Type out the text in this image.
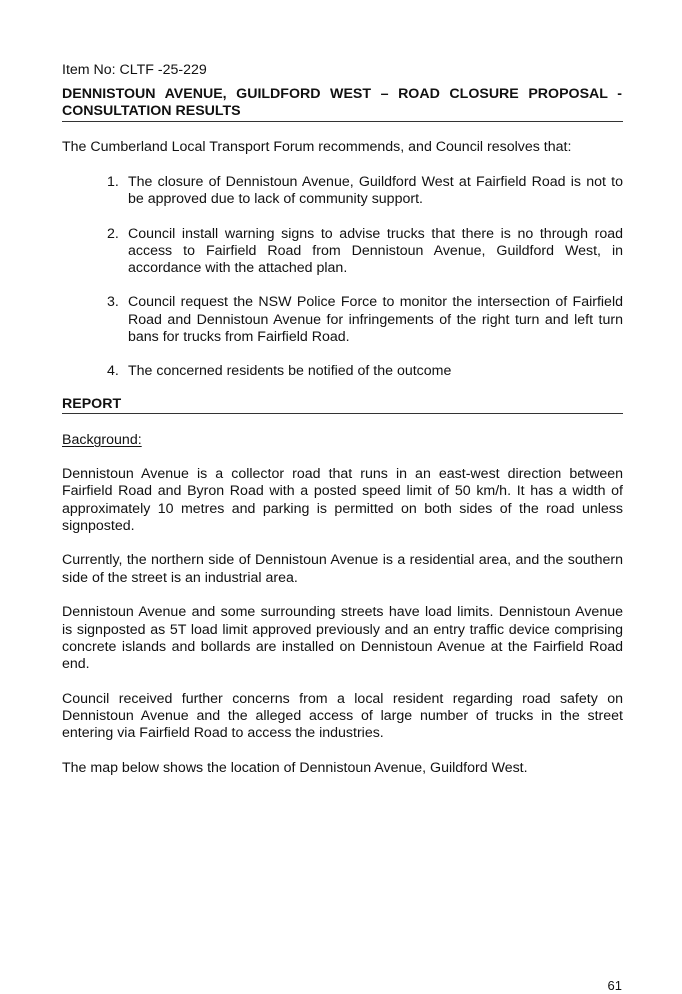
Item No: CLTF -25-229

DENNISTOUN AVENUE, GUILDFORD WEST – ROAD CLOSURE PROPOSAL - CONSULTATION RESULTS

The Cumberland Local Transport Forum recommends, and Council resolves that:

1. The closure of Dennistoun Avenue, Guildford West at Fairfield Road is not to be approved due to lack of community support.
2. Council install warning signs to advise trucks that there is no through road access to Fairfield Road from Dennistoun Avenue, Guildford West, in accordance with the attached plan.
3. Council request the NSW Police Force to monitor the intersection of Fairfield Road and Dennistoun Avenue for infringements of the right turn and left turn bans for trucks from Fairfield Road.
4. The concerned residents be notified of the outcome
REPORT
Background:

Dennistoun Avenue is a collector road that runs in an east-west direction between Fairfield Road and Byron Road with a posted speed limit of 50 km/h. It has a width of approximately 10 metres and parking is permitted on both sides of the road unless signposted.

Currently, the northern side of Dennistoun Avenue is a residential area, and the southern side of the street is an industrial area.

Dennistoun Avenue and some surrounding streets have load limits. Dennistoun Avenue is signposted as 5T load limit approved previously and an entry traffic device comprising concrete islands and bollards are installed on Dennistoun Avenue at the Fairfield Road end.

Council received further concerns from a local resident regarding road safety on Dennistoun Avenue and the alleged access of large number of trucks in the street entering via Fairfield Road to access the industries.

The map below shows the location of Dennistoun Avenue, Guildford West.

61
